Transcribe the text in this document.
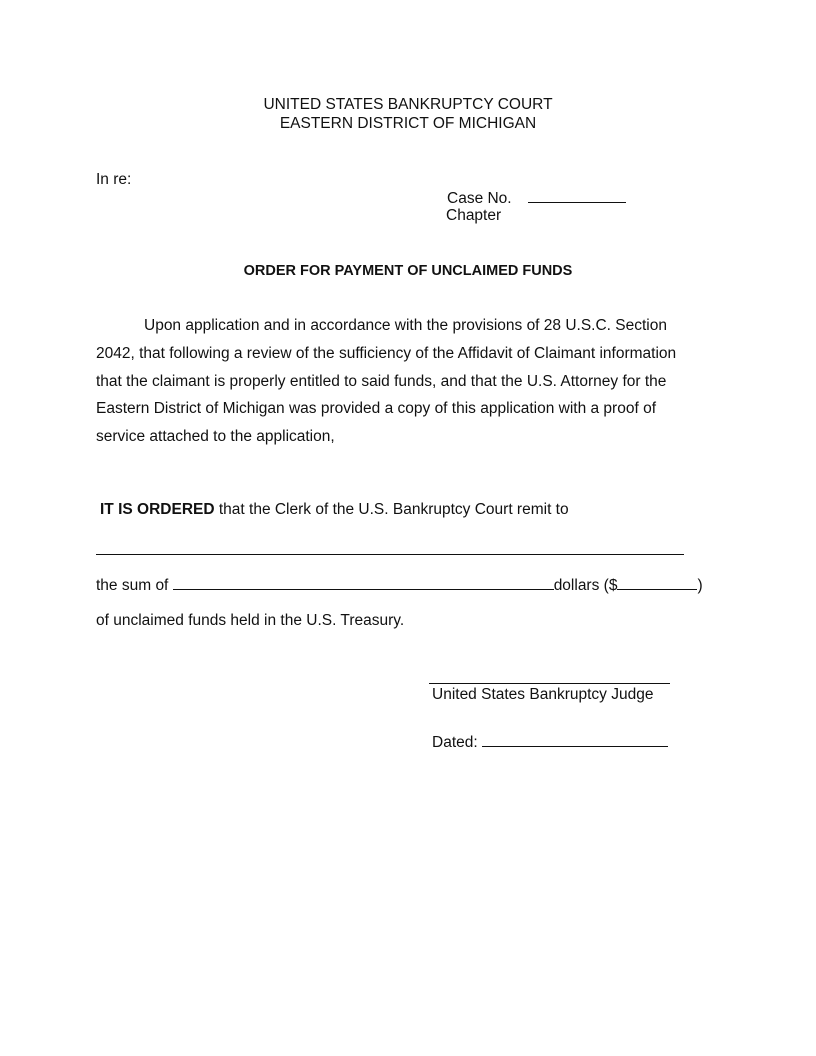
UNITED STATES BANKRUPTCY COURT
EASTERN DISTRICT OF MICHIGAN
In re:
Case No.
Chapter
ORDER FOR PAYMENT OF UNCLAIMED FUNDS
Upon application and in accordance with the provisions of 28 U.S.C. Section
2042, that following a review of the sufficiency of the Affidavit of Claimant information
that the claimant is properly entitled to said funds, and that the U.S. Attorney for the
Eastern District of Michigan was provided a copy of this application with a proof of
service attached to the application,
IT IS ORDERED that the Clerk of the U.S. Bankruptcy Court remit to
the sum of	dollars ($	)
of unclaimed funds held in the U.S. Treasury.
United States Bankruptcy Judge
Dated:
